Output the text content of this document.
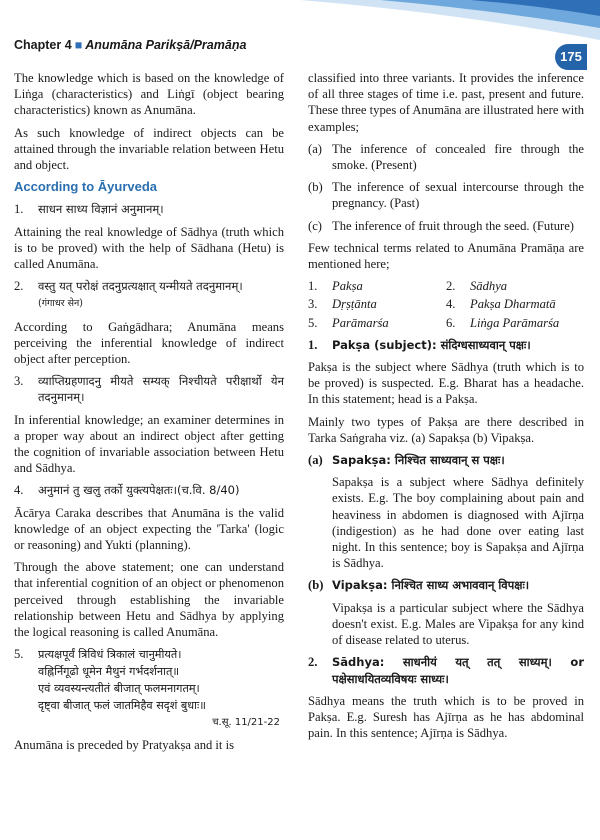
Chapter 4 ■ Anumāna Parikṣā/Pramāṇa
175

The knowledge which is based on the knowledge of Liṅga (characteristics) and Liṅgī (object bearing characteristics) known as Anumāna.

As such knowledge of indirect objects can be attained through the invariable relation between Hetu and object.

According to Āyurveda
1.	साधन साध्य विज्ञानं अनुमानम्।

Attaining the real knowledge of Sādhya (truth which is to be proved) with the help of Sādhana (Hetu) is called Anumāna.

2.	वस्तु यत् परोक्षं तदनुप्रत्यक्षात् यन्मीयते तदनुमानम्।
(गंगाधर सेन)

According to Gaṅgādhara; Anumāna means perceiving the inferential knowledge of indirect object after perception.

3.	व्याप्तिग्रहणादनु मीयते सम्यक् निश्चीयते परीक्षार्थो येन तदनुमानम्।

In inferential knowledge; an examiner determines in a proper way about an indirect object after getting the cognition of invariable association between Hetu and Sādhya.

4.	अनुमानं तु खलु तर्को युक्त्यपेक्षतः।(च.वि. 8/40)

Ācārya Caraka describes that Anumāna is the valid knowledge of an object expecting the 'Tarka' (logic or reasoning) and Yukti (planning).

Through the above statement; one can understand that inferential cognition of an object or phenomenon perceived through establishing the invariable relationship between Hetu and Sādhya by applying the logical reasoning is called Anumāna.

5.	प्रत्यक्षपूर्वं त्रिविधं त्रिकालं चानुमीयते।
वह्निर्निगूढो धूमेन मैथुनं गर्भदर्शनात्॥
एवं व्यवस्यन्त्यतीतं बीजात् फलमनागतम्।
दृष्ट्वा बीजात् फलं जातमिहैव सदृशं बुधाः॥
च.सू. 11/21-22

Anumāna is preceded by Pratyakṣa and it is

classified into three variants. It provides the inference of all three stages of time i.e. past, present and future. These three types of Anumāna are illustrated here with examples;

(a) The inference of concealed fire through the smoke. (Present)
(b) The inference of sexual intercourse through the pregnancy. (Past)
(c) The inference of fruit through the seed. (Future)

Few technical terms related to Anumāna Pramāṇa are mentioned here;

1.	Pakṣa	2.	Sādhya
3.	Dṛṣṭānta	4.	Pakṣa Dharmatā
5.	Parāmarśa	6.	Liṅga Parāmarśa
1.	Pakṣa (subject): संदिग्धसाध्यवान् पक्षः।

Pakṣa is the subject where Sādhya (truth which is to be proved) is suspected. E.g. Bharat has a headache. In this statement; head is a Pakṣa.

Mainly two types of Pakṣa are there described in Tarka Saṅgraha viz. (a) Sapakṣa (b) Vipakṣa.

(a) Sapakṣa: निश्चित साध्यवान् स पक्षः।

Sapakṣa is a subject where Sādhya definitely exists. E.g. The boy complaining about pain and heaviness in abdomen is diagnosed with Ajīrṇa (indigestion) as he had done over eating last night. In this sentence; boy is Sapakṣa and Ajīrṇa is Sādhya.

(b) Vipakṣa: निश्चित साध्य अभाववान् विपक्षः।

Vipakṣa is a particular subject where the Sādhya doesn't exist. E.g. Males are Vipakṣa for any kind of disease related to uterus.

2.	Sādhya: साधनीयं यत् तत् साध्यम्। or पक्षेसाधयितव्यविषयः साध्यः।

Sādhya means the truth which is to be proved in Pakṣa. E.g. Suresh has Ajīrṇa as he has abdominal pain. In this sentence; Ajīrṇa is Sādhya.
